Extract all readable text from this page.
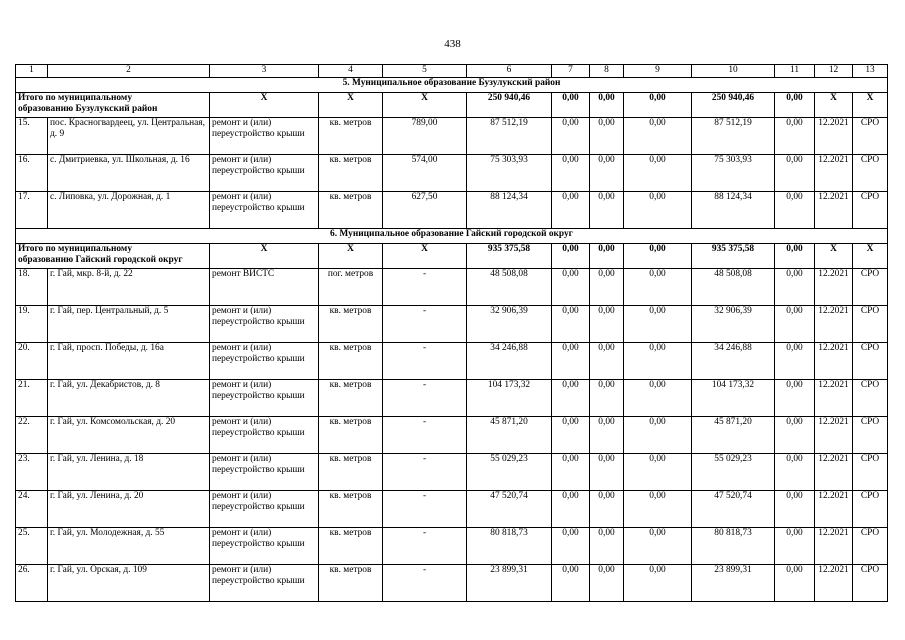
438
1	2	3	4	5	6	7	8	9	10	11	12	13
5. Муниципальное образование Бузулукский район												

Итого по муниципальному
образованию Бузулукский район		X	X	X	250 940,46	0,00	0,00	0,00	250 940,46	0,00	X	X
15.	пос. Красногвардеец, ул. Центральная, д. 9	ремонт и (или) переустройство крыши	кв. метров	789,00	87 512,19	0,00	0,00	0,00	87 512,19	0,00	12.2021	СРО
16.	с. Дмитриевка, ул. Школьная, д. 16	ремонт и (или) переустройство крыши	кв. метров	574,00	75 303,93	0,00	0,00	0,00	75 303,93	0,00	12.2021	СРО
17.	с. Липовка, ул. Дорожная, д. 1	ремонт и (или) переустройство крыши	кв. метров	627,50	88 124,34	0,00	0,00	0,00	88 124,34	0,00	12.2021	СРО
6. Муниципальное образование Гайский городской округ												

Итого по муниципальному
образованию Гайский городской округ		X	X	X	935 375,58	0,00	0,00	0,00	935 375,58	0,00	X	X
18.	г. Гай, мкр. 8-й, д. 22	ремонт ВИСТС	пог. метров	-	48 508,08	0,00	0,00	0,00	48 508,08	0,00	12.2021	СРО
19.	г. Гай, пер. Центральный, д. 5	ремонт и (или) переустройство крыши	кв. метров	-	32 906,39	0,00	0,00	0,00	32 906,39	0,00	12.2021	СРО
20.	г. Гай, просп. Победы, д. 16а	ремонт и (или) переустройство крыши	кв. метров	-	34 246,88	0,00	0,00	0,00	34 246,88	0,00	12.2021	СРО
21.	г. Гай, ул. Декабристов, д. 8	ремонт и (или) переустройство крыши	кв. метров	-	104 173,32	0,00	0,00	0,00	104 173,32	0,00	12.2021	СРО
22.	г. Гай, ул. Комсомольская, д. 20	ремонт и (или) переустройство крыши	кв. метров	-	45 871,20	0,00	0,00	0,00	45 871,20	0,00	12.2021	СРО
23.	г. Гай, ул. Ленина, д. 18	ремонт и (или) переустройство крыши	кв. метров	-	55 029,23	0,00	0,00	0,00	55 029,23	0,00	12.2021	СРО
24.	г. Гай, ул. Ленина, д. 20	ремонт и (или) переустройство крыши	кв. метров	-	47 520,74	0,00	0,00	0,00	47 520,74	0,00	12.2021	СРО
25.	г. Гай, ул. Молодежная, д. 55	ремонт и (или) переустройство крыши	кв. метров	-	80 818,73	0,00	0,00	0,00	80 818,73	0,00	12.2021	СРО
26.	г. Гай, ул. Орская, д. 109	ремонт и (или) переустройство крыши	кв. метров	-	23 899,31	0,00	0,00	0,00	23 899,31	0,00	12.2021	СРО
